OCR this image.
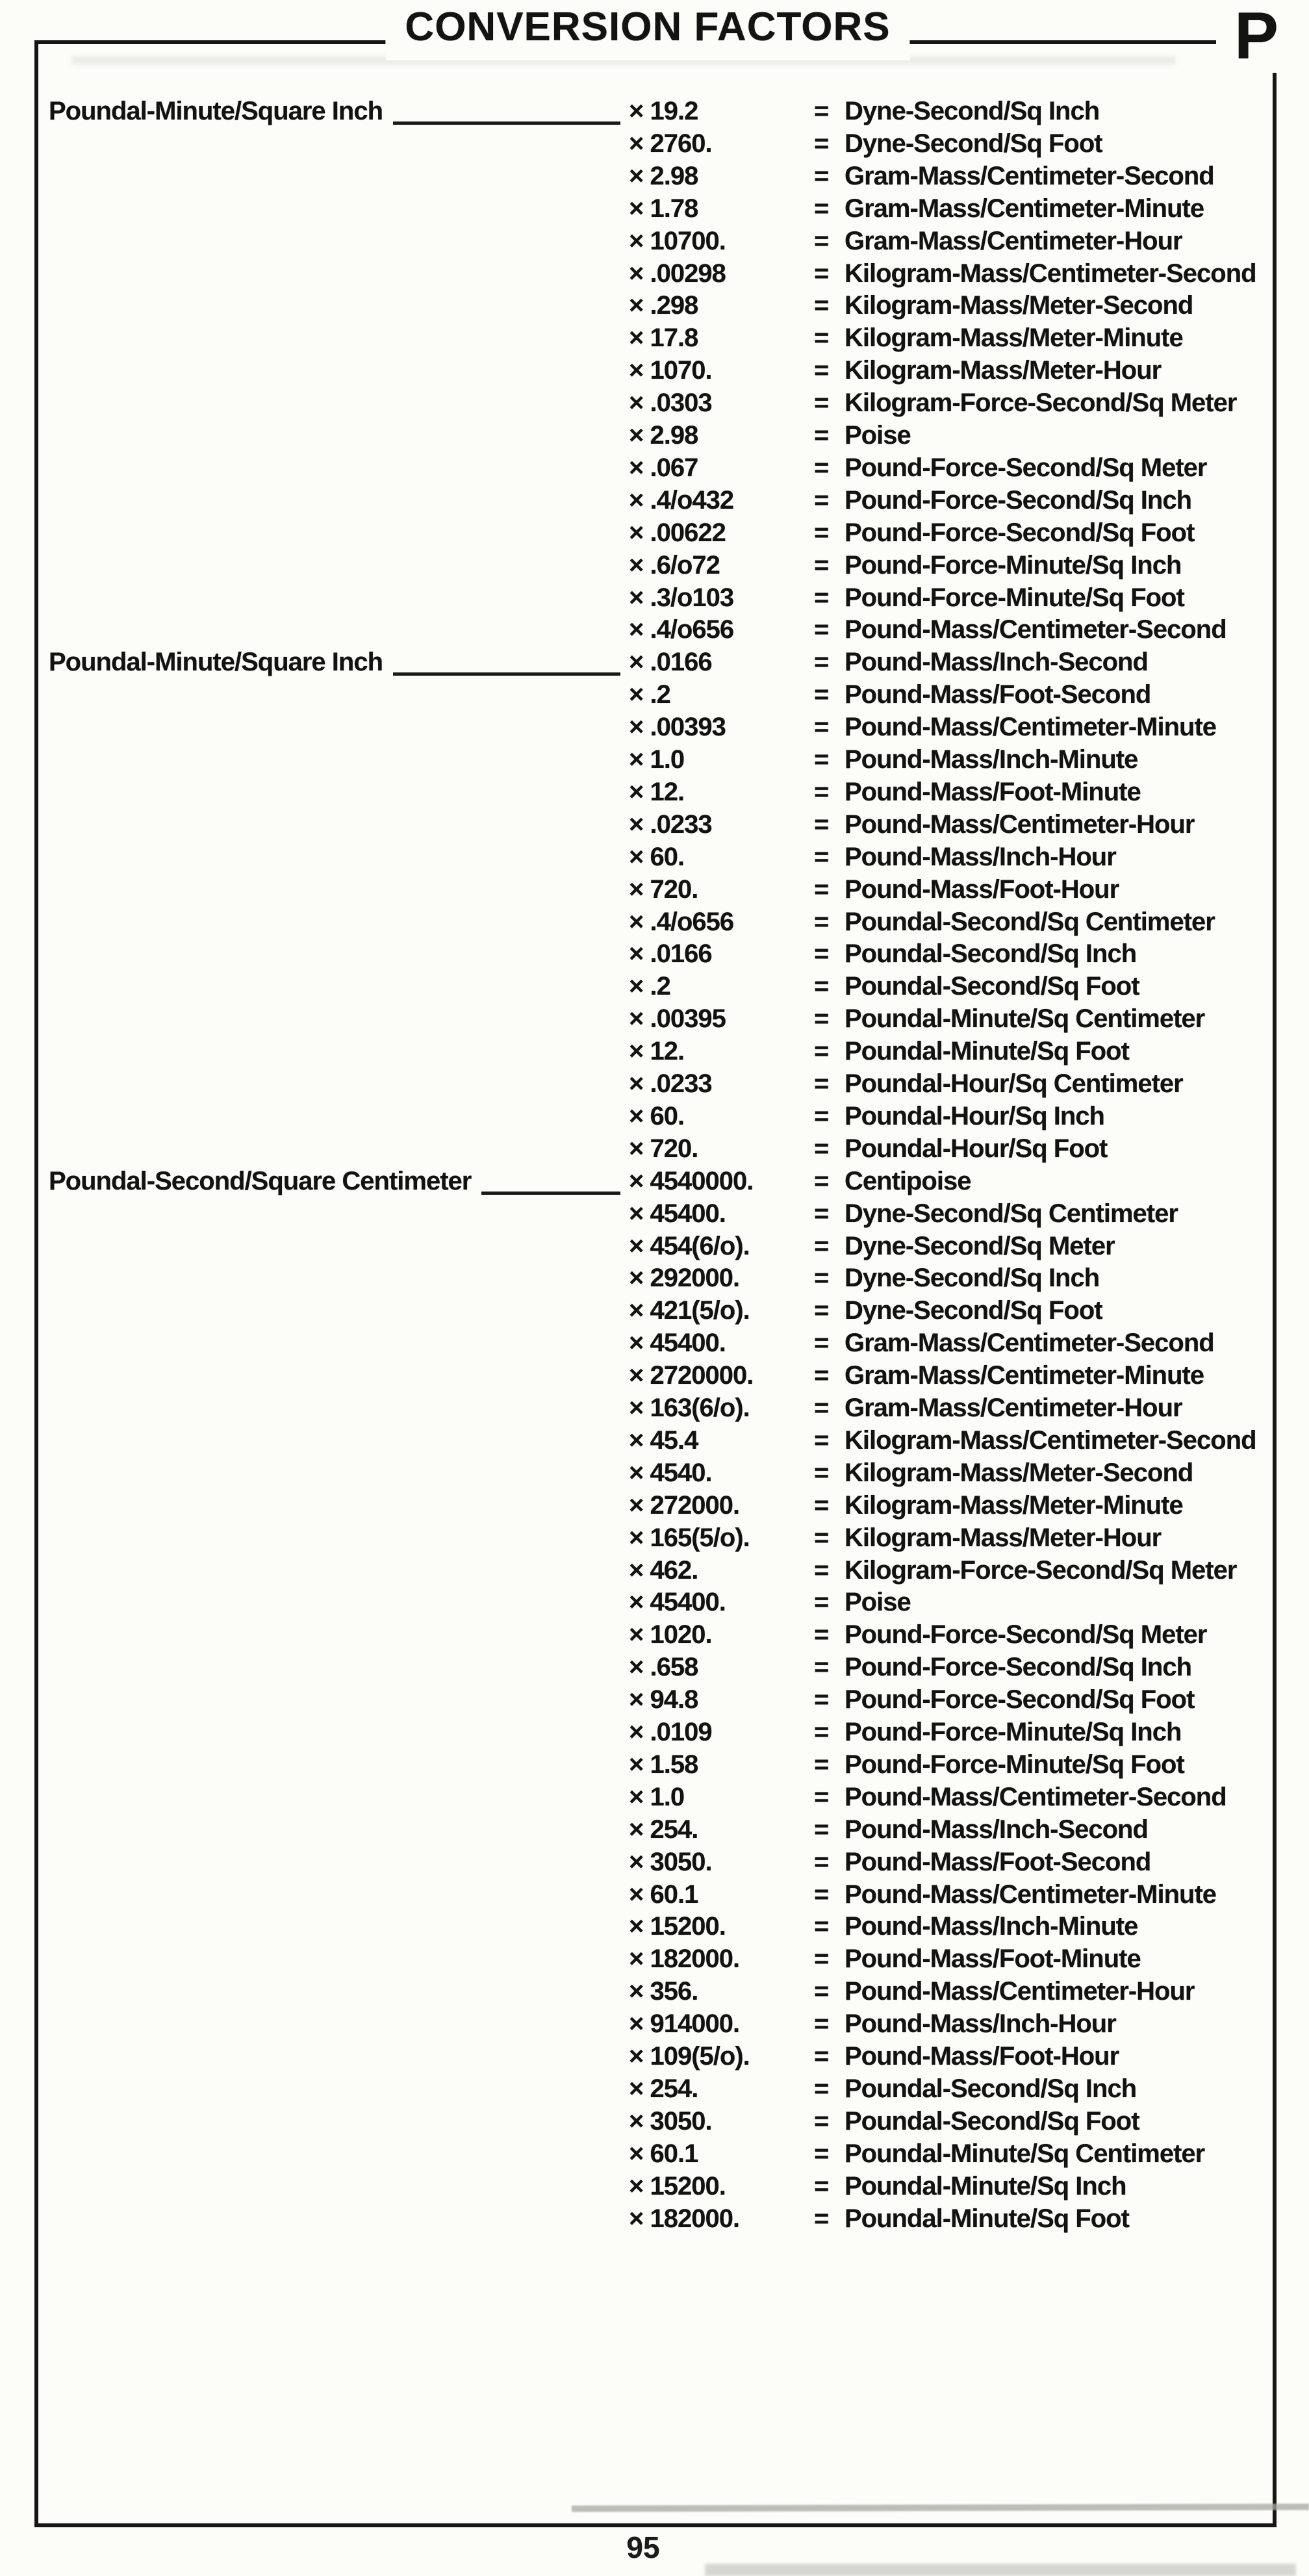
CONVERSION FACTORS	P
Poundal-Minute/Square Inch	× 19.2	= Dyne-Second/Sq Inch
× 2760.	= Dyne-Second/Sq Foot
× 2.98	= Gram-Mass/Centimeter-Second
× 1.78	= Gram-Mass/Centimeter-Minute
× 10700.	= Gram-Mass/Centimeter-Hour
× .00298	= Kilogram-Mass/Centimeter-Second
× .298	= Kilogram-Mass/Meter-Second
× 17.8	= Kilogram-Mass/Meter-Minute
× 1070.	= Kilogram-Mass/Meter-Hour
× .0303	= Kilogram-Force-Second/Sq Meter
× 2.98	= Poise
× .067	= Pound-Force-Second/Sq Meter
× .4/o432	= Pound-Force-Second/Sq Inch
× .00622	= Pound-Force-Second/Sq Foot
× .6/o72	= Pound-Force-Minute/Sq Inch
× .3/o103	= Pound-Force-Minute/Sq Foot
× .4/o656	= Pound-Mass/Centimeter-Second
Poundal-Minute/Square Inch	× .0166	= Pound-Mass/Inch-Second
× .2	= Pound-Mass/Foot-Second
× .00393	= Pound-Mass/Centimeter-Minute
× 1.0	= Pound-Mass/Inch-Minute
× 12.	= Pound-Mass/Foot-Minute
× .0233	= Pound-Mass/Centimeter-Hour
× 60.	= Pound-Mass/Inch-Hour
× 720.	= Pound-Mass/Foot-Hour
× .4/o656	= Poundal-Second/Sq Centimeter
× .0166	= Poundal-Second/Sq Inch
× .2	= Poundal-Second/Sq Foot
× .00395	= Poundal-Minute/Sq Centimeter
× 12.	= Poundal-Minute/Sq Foot
× .0233	= Poundal-Hour/Sq Centimeter
× 60.	= Poundal-Hour/Sq Inch
× 720.	= Poundal-Hour/Sq Foot
Poundal-Second/Square Centimeter	× 4540000. = Centipoise
× 45400.	= Dyne-Second/Sq Centimeter
× 454(6/o). = Dyne-Second/Sq Meter
× 292000.	= Dyne-Second/Sq Inch
× 421(5/o). = Dyne-Second/Sq Foot
× 45400.	= Gram-Mass/Centimeter-Second
× 2720000. = Gram-Mass/Centimeter-Minute
× 163(6/o). = Gram-Mass/Centimeter-Hour
× 45.4	= Kilogram-Mass/Centimeter-Second
× 4540.	= Kilogram-Mass/Meter-Second
× 272000.	= Kilogram-Mass/Meter-Minute
× 165(5/o). = Kilogram-Mass/Meter-Hour
× 462.	= Kilogram-Force-Second/Sq Meter
× 45400.	= Poise
× 1020.	= Pound-Force-Second/Sq Meter
× .658	= Pound-Force-Second/Sq Inch
× 94.8	= Pound-Force-Second/Sq Foot
× .0109	= Pound-Force-Minute/Sq Inch
× 1.58	= Pound-Force-Minute/Sq Foot
× 1.0	= Pound-Mass/Centimeter-Second
× 254.	= Pound-Mass/Inch-Second
× 3050.	= Pound-Mass/Foot-Second
× 60.1	= Pound-Mass/Centimeter-Minute
× 15200.	= Pound-Mass/Inch-Minute
× 182000.	= Pound-Mass/Foot-Minute
× 356.	= Pound-Mass/Centimeter-Hour
× 914000.	= Pound-Mass/Inch-Hour
× 109(5/o). = Pound-Mass/Foot-Hour
× 254.	= Poundal-Second/Sq Inch
× 3050.	= Poundal-Second/Sq Foot
× 60.1	= Poundal-Minute/Sq Centimeter
× 15200.	= Poundal-Minute/Sq Inch
× 182000.	= Poundal-Minute/Sq Foot
95
